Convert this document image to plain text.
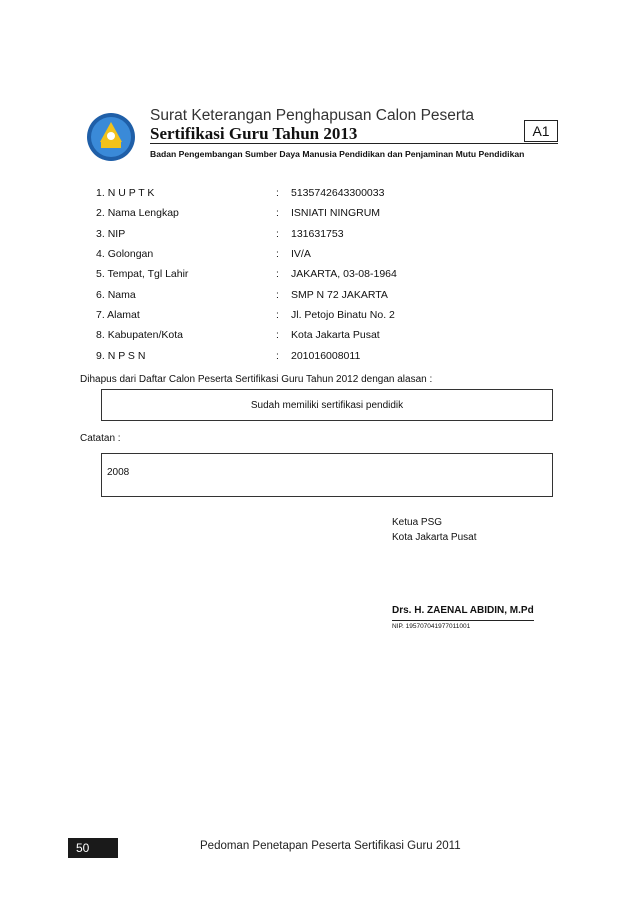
Surat Keterangan Penghapusan Calon Peserta
Sertifikasi Guru Tahun 2013	A1
Badan Pengembangan Sumber Daya Manusia Pendidikan dan Penjaminan Mutu Pendidikan
1. N U P T K	:	5135742643300033
2. Nama Lengkap	:	ISNIATI NINGRUM
3. NIP	:	131631753
4. Golongan	:	IV/A
5. Tempat, Tgl Lahir	:	JAKARTA, 03-08-1964
6. Nama	:	SMP N 72 JAKARTA
7. Alamat	:	Jl. Petojo Binatu No. 2
8. Kabupaten/Kota	:	Kota Jakarta Pusat
9. N P S N	:	201016008011
Dihapus dari Daftar Calon Peserta Sertifikasi Guru Tahun 2012 dengan alasan :
Sudah memiliki sertifikasi pendidik
Catatan :
2008
Ketua PSG
Kota Jakarta Pusat
Drs. H. ZAENAL ABIDIN, M.Pd
NIP. 195707041977011001
50	Pedoman Penetapan Peserta Sertifikasi Guru 2011
